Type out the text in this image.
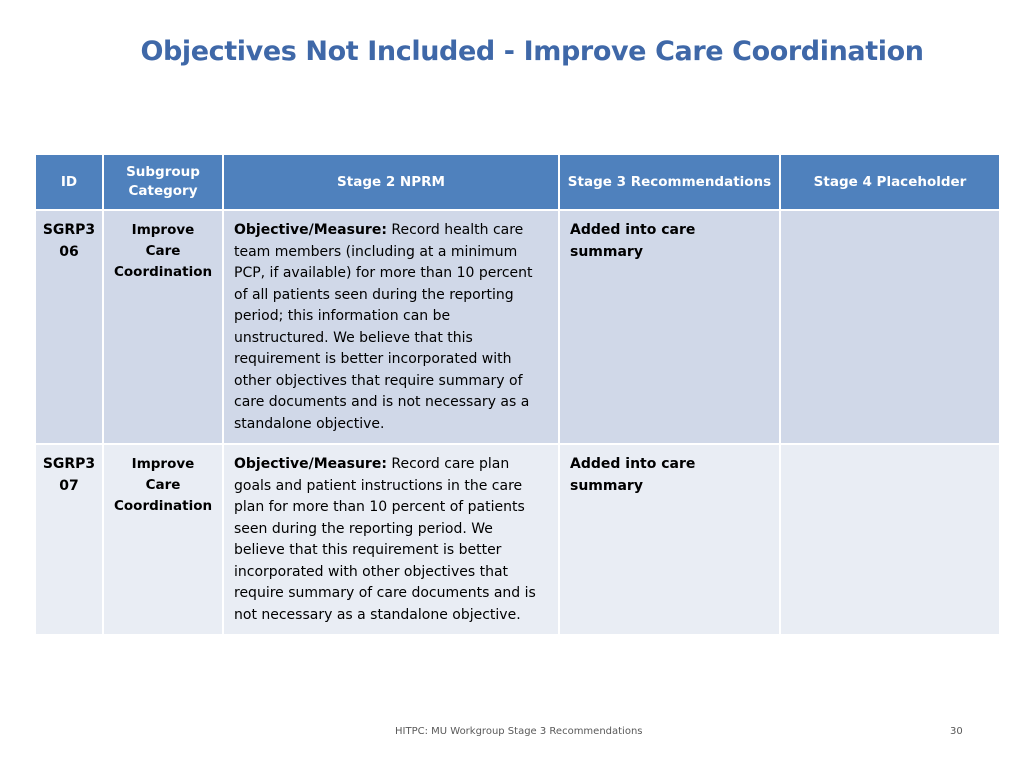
Objectives Not Included - Improve Care Coordination
ID	Subgroup Category	Stage 2 NPRM	Stage 3 Recommendations	Stage 4 Placeholder
SGRP3 06	Improve Care Coordination	Objective/Measure: Record health care team members (including at a minimum PCP, if available) for more than 10 percent of all patients seen during the reporting period; this information can be unstructured. We believe that this requirement is better incorporated with other objectives that require summary of care documents and is not necessary as a standalone objective.	Added into care summary	
SGRP3 07	Improve Care Coordination	Objective/Measure: Record care plan goals and patient instructions in the care plan for more than 10 percent of patients seen during the reporting period. We believe that this requirement is better incorporated with other objectives that require summary of care documents and is not necessary as a standalone objective.	Added into care summary	
HITPC: MU Workgroup Stage 3 Recommendations	30
